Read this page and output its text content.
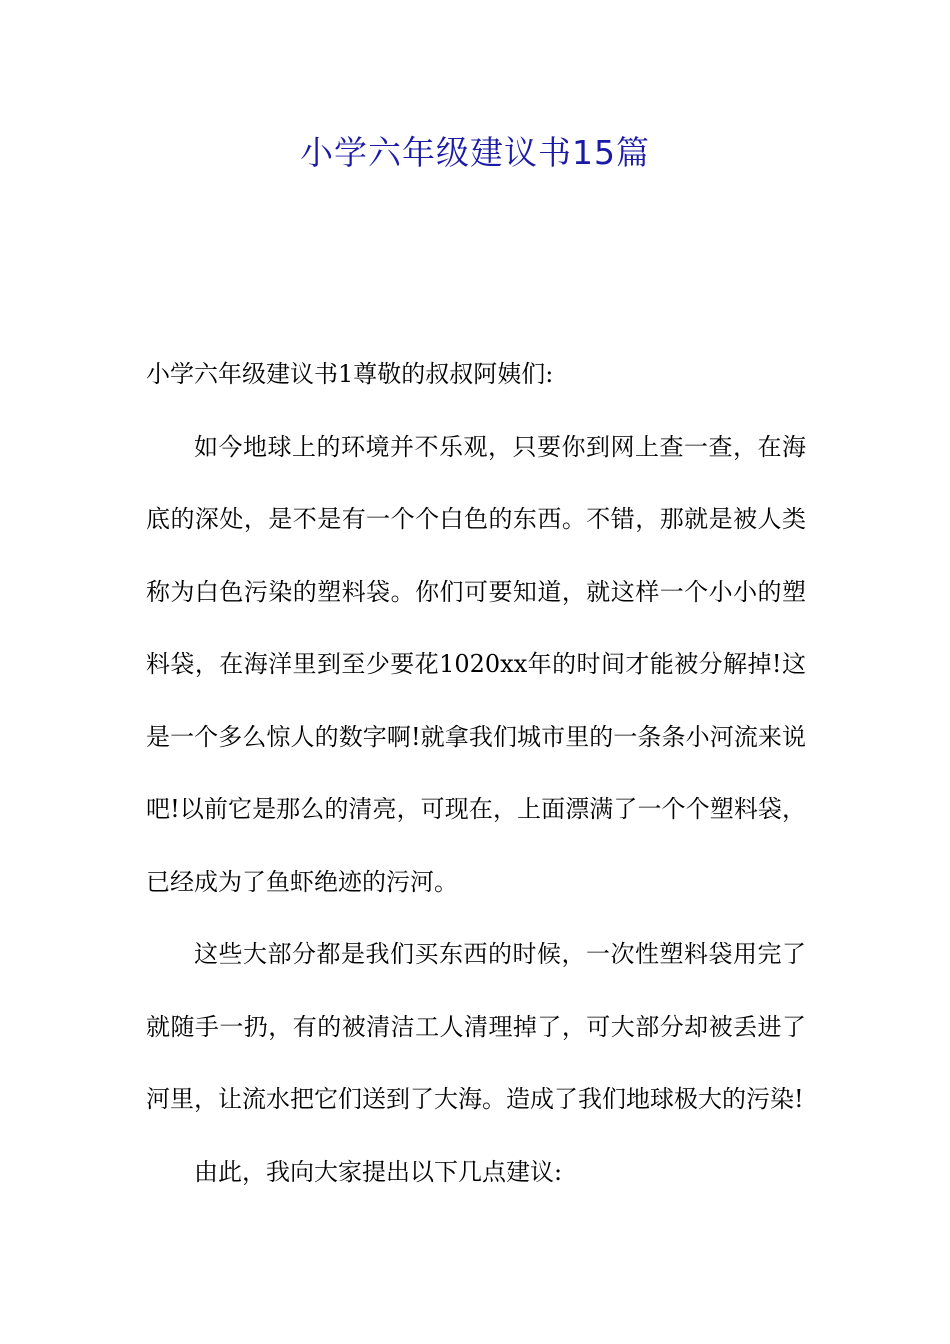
小学六年级建议书15篇

小学六年级建议书1尊敬的叔叔阿姨们:

如今地球上的环境并不乐观，只要你到网上查一查，在海底的深处，是不是有一个个白色的东西。不错，那就是被人类称为白色污染的塑料袋。你们可要知道，就这样一个小小的塑料袋，在海洋里到至少要花1020xx年的时间才能被分解掉!这是一个多么惊人的数字啊!就拿我们城市里的一条条小河流来说吧!以前它是那么的清亮，可现在，上面漂满了一个个塑料袋，已经成为了鱼虾绝迹的污河。

这些大部分都是我们买东西的时候，一次性塑料袋用完了就随手一扔，有的被清洁工人清理掉了，可大部分却被丢进了河里，让流水把它们送到了大海。造成了我们地球极大的污染!

由此，我向大家提出以下几点建议:
